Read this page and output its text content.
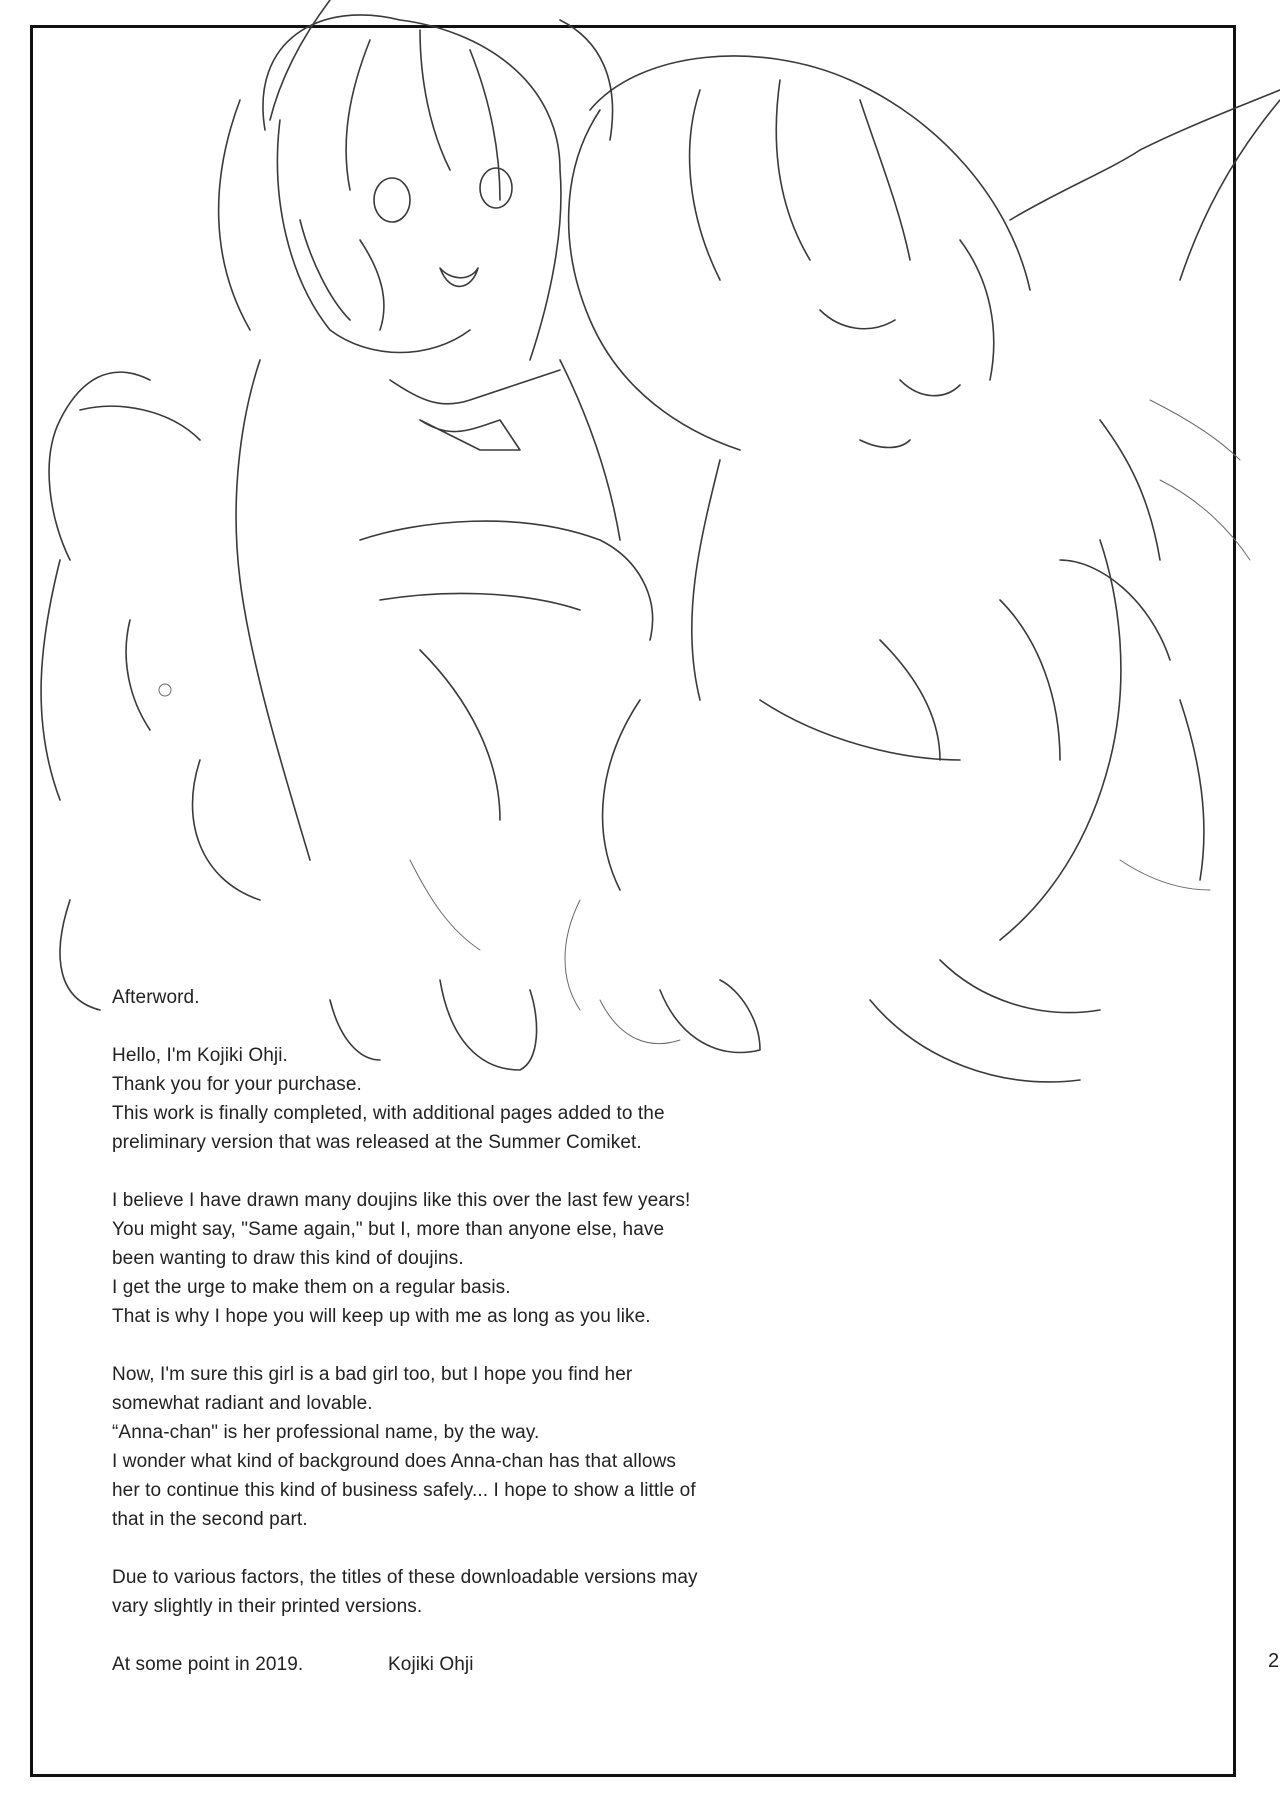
Afterword.

Hello, I'm Kojiki Ohji.
Thank you for your purchase.
This work is finally completed, with additional pages added to the
preliminary version that was released at the Summer Comiket.

I believe I have drawn many doujins like this over the last few years!
You might say, "Same again," but I, more than anyone else, have
been wanting to draw this kind of doujins.
I get the urge to make them on a regular basis.
That is why I hope you will keep up with me as long as you like.

Now, I'm sure this girl is a bad girl too, but I hope you find her
somewhat radiant and lovable.
“Anna-chan" is her professional name, by the way.
I wonder what kind of background does Anna-chan has that allows
her to continue this kind of business safely... I hope to show a little of
that in the second part.

Due to various factors, the titles of these downloadable versions may
vary slightly in their printed versions.

At some point in 2019.	Kojiki Ohji	2
